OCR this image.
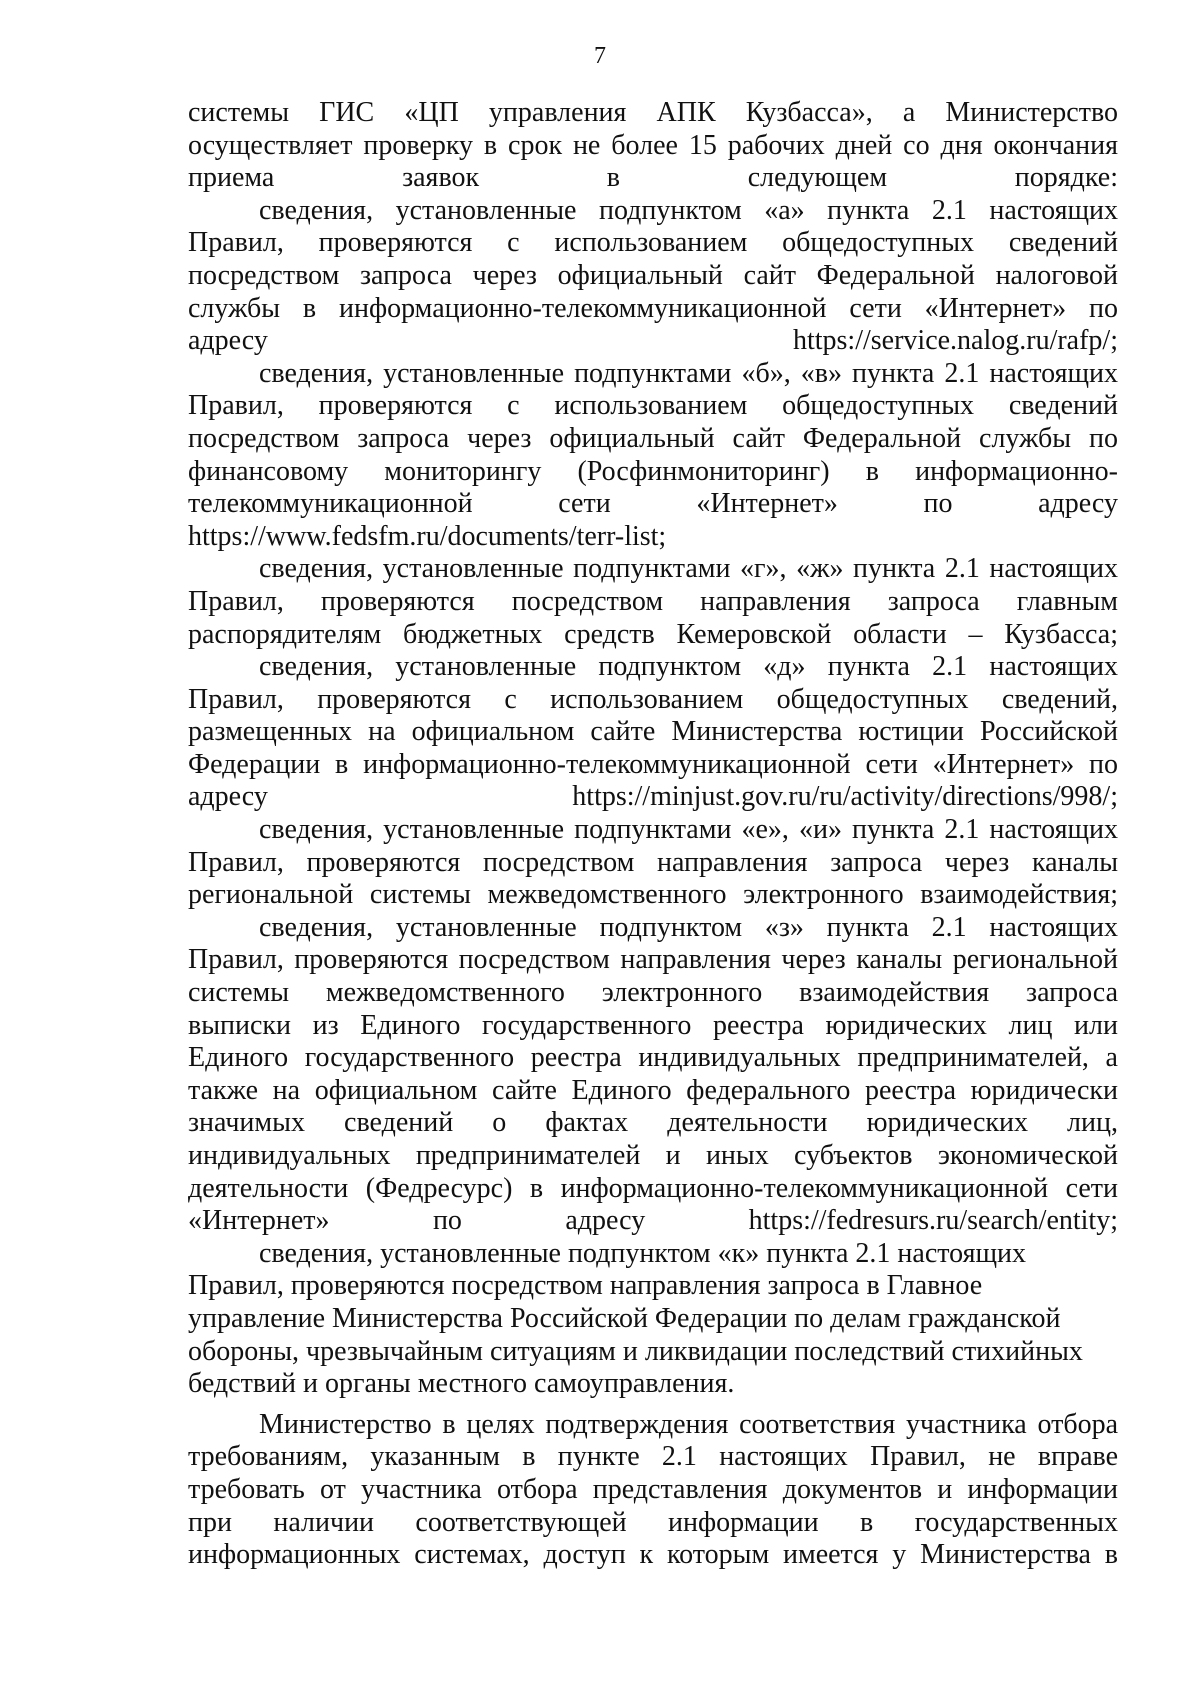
7

системы ГИС «ЦП управления АПК Кузбасса», а Министерство
осуществляет проверку в срок не более 15 рабочих дней со дня окончания
приема заявок в следующем порядке:

сведения, установленные подпунктом «а» пункта 2.1 настоящих
Правил, проверяются с использованием общедоступных сведений
посредством запроса через официальный сайт Федеральной налоговой
службы в информационно-телекоммуникационной сети «Интернет» по
адресу https://service.nalog.ru/rafp/;

сведения, установленные подпунктами «б», «в» пункта 2.1 настоящих
Правил, проверяются с использованием общедоступных сведений
посредством запроса через официальный сайт Федеральной службы по
финансовому мониторингу (Росфинмониторинг) в информационно-
телекоммуникационной сети «Интернет» по адресу
https://www.fedsfm.ru/documents/terr-list;

сведения, установленные подпунктами «г», «ж» пункта 2.1 настоящих
Правил, проверяются посредством направления запроса главным
распорядителям бюджетных средств Кемеровской области – Кузбасса;

сведения, установленные подпунктом «д» пункта 2.1 настоящих
Правил, проверяются с использованием общедоступных сведений,
размещенных на официальном сайте Министерства юстиции Российской
Федерации в информационно-телекоммуникационной сети «Интернет» по
адресу https://minjust.gov.ru/ru/activity/directions/998/;

сведения, установленные подпунктами «е», «и» пункта 2.1 настоящих
Правил, проверяются посредством направления запроса через каналы
региональной системы межведомственного электронного взаимодействия;

сведения, установленные подпунктом «з» пункта 2.1 настоящих
Правил, проверяются посредством направления через каналы региональной
системы межведомственного электронного взаимодействия запроса
выписки из Единого государственного реестра юридических лиц или
Единого государственного реестра индивидуальных предпринимателей, а
также на официальном сайте Единого федерального реестра юридически
значимых сведений о фактах деятельности юридических лиц,
индивидуальных предпринимателей и иных субъектов экономической
деятельности (Федресурс) в информационно-телекоммуникационной сети
«Интернет» по адресу https://fedresurs.ru/search/entity;

сведения, установленные подпунктом «к» пункта 2.1 настоящих
Правил, проверяются посредством направления запроса в Главное
управление Министерства Российской Федерации по делам гражданской
обороны, чрезвычайным ситуациям и ликвидации последствий стихийных
бедствий и органы местного самоуправления.

Министерство в целях подтверждения соответствия участника отбора
требованиям, указанным в пункте 2.1 настоящих Правил, не вправе
требовать от участника отбора представления документов и информации
при наличии соответствующей информации в государственных
информационных системах, доступ к которым имеется у Министерства в
